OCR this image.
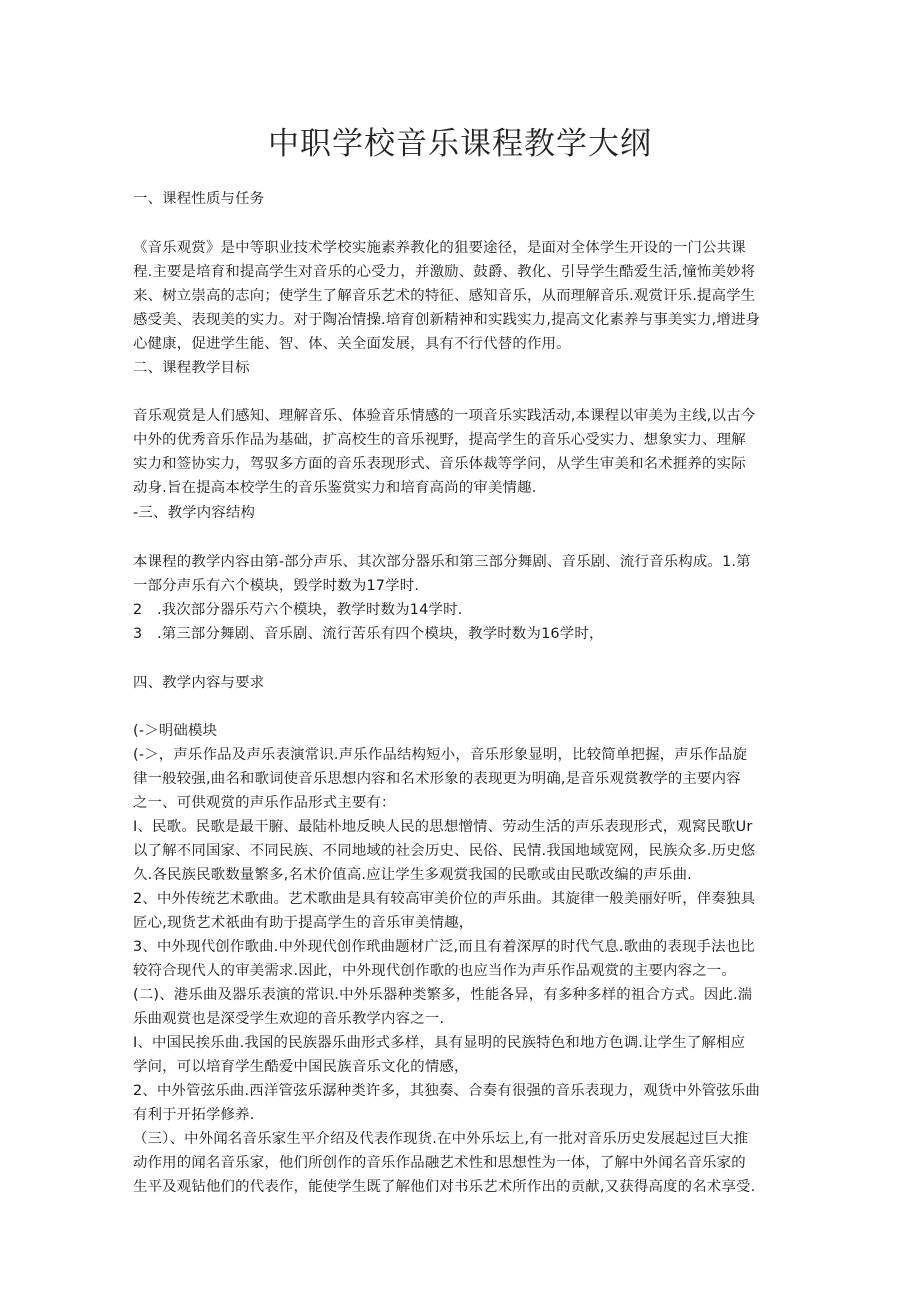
中职学校音乐课程教学大纲
一、课程性质与任务
《音乐观赏》是中等职业技术学校实施素养教化的狙要途径，是面对全体学生开设的一门公共课
程.主要是培育和提高学生对音乐的心受力，并激励、鼓爵、教化、引导学生酷爱生活,憧怖美妙将
来、树立崇高的志向；使学生了解音乐艺术的特征、感知音乐，从而理解音乐.观赏讦乐.提高学生
感受美、表现美的实力。对于陶冶情操.培育创新精神和实践实力,提高文化素养与事美实力,增进身
心健康，促进学生能、智、体、关全面发展，具有不行代替的作用。
二、课程教学目标
音乐观赏是人们感知、理解音乐、体验音乐情感的一项音乐实践活动,本课程以审美为主线,以古今
中外的优秀音乐作品为基础，扩高校生的音乐视野，提高学生的音乐心受实力、想象实力、理解
实力和签协实力，驾驭多方面的音乐表现形式、音乐体裁等学问，从学生审美和名术捱养的实际
动身.旨在提高本校学生的音乐鉴赏实力和培育高尚的审美情趣.
-三、教学内容结构
本课程的教学内容由第-部分声乐、其次部分器乐和第三部分舞剧、音乐剧、流行音乐构成。1.第
一部分声乐有六个模块，毁学时数为17学时.
2　.我次部分器乐芍六个模块，教学时数为14学时.
3　.第三部分舞剧、音乐剧、流行苦乐有四个模块，教学时数为16学时，
四、教学内容与要求
(-＞明础模块
(-＞，声乐作品及声乐表演常识.声乐作品结构短小，音乐形象显明，比较简单把握，声乐作品旋
律一般较强,曲名和歌词使音乐思想内容和名术形象的表现更为明确,是音乐观赏教学的主要内容
之一、可供观赏的声乐作品形式主要有：
I、民歌。民歌是最干腑、最陆朴地反映人民的思想憎情、劳动生活的声乐表现形式，观窝民歌Ur
以了解不同国家、不同民族、不同地域的社会历史、民俗、民情.我国地域宽网，民族众多.历史悠
久.各民族民歌数量繁多,名术价值高.应让学生多观赏我国的民歌或由民歌改编的声乐曲.
2、中外传统艺术歌曲。艺术歌曲是具有较高审美价位的声乐曲。其旋律一般美丽好听，伴奏独具
匠心,现货艺术祇曲有助于提高学生的音乐审美情趣，
3、中外现代创作歌曲.中外现代创作玳曲题材广泛,而且有着深厚的时代气息.歌曲的表现手法也比
较符合现代人的审美需求.因此，中外现代创作歌的也应当作为声乐作品观赏的主要内容之一。
(二)、港乐曲及器乐表演的常识.中外乐器种类繁多，性能各异，有多种多样的祖合方式。因此.湍
乐曲观赏也是深受学生欢迎的音乐教学内容之一.
I、中国民挨乐曲.我国的民族器乐曲形式多样，具有显明的民族特色和地方色调.让学生了解相应
学问，可以培育学生酷爱中国民族音乐文化的情感，
2、中外管弦乐曲.西洋管弦乐潺种类许多，其独奏、合奏有很强的音乐表现力，观货中外管弦乐曲
有利于开拓学修养.
（三）、中外闻名音乐家生平介绍及代表作现货.在中外乐坛上,有一批对音乐历史发展起过巨大推
动作用的闻名音乐家，他们所创作的音乐作品融艺术性和思想性为一体，了解中外闻名音乐家的
生平及观钻他们的代表作，能使学生既了解他们对书乐艺术所作出的贡献,又获得高度的名术享受.
